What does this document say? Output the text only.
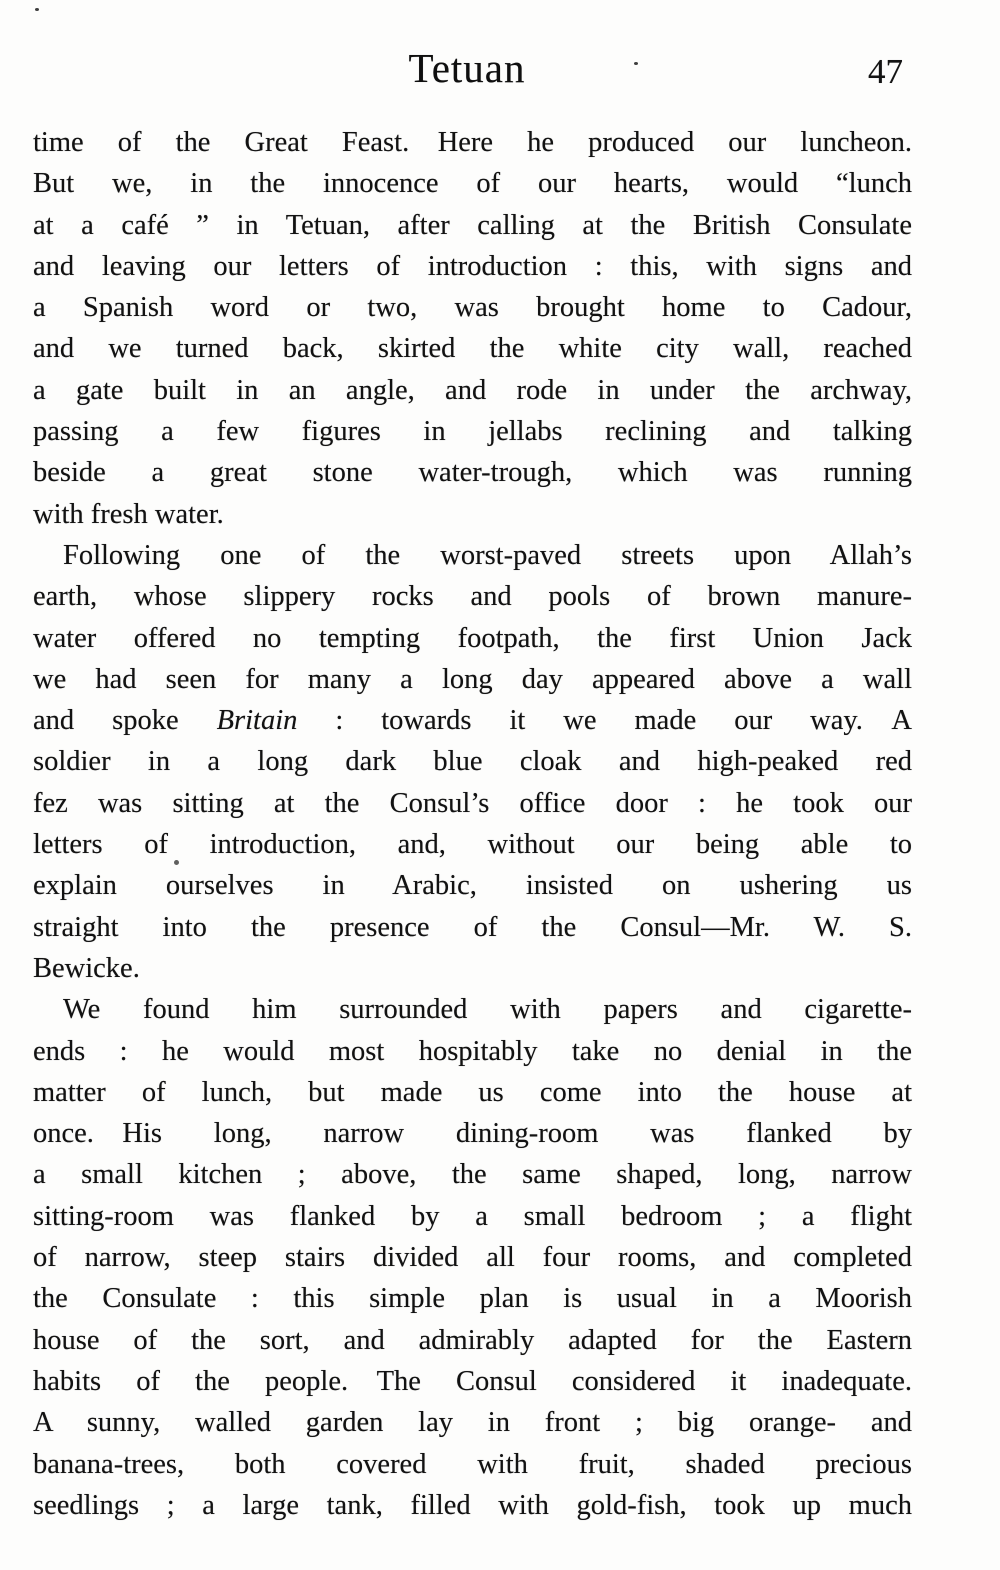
Tetuan	47
time of the Great Feast. Here he produced our luncheon.
But we, in the innocence of our hearts, would “lunch
at a café ” in Tetuan, after calling at the British Consulate
and leaving our letters of introduction : this, with signs and
a Spanish word or two, was brought home to Cadour,
and we turned back, skirted the white city wall, reached
a gate built in an angle, and rode in under the archway,
passing a few figures in jellabs reclining and talking
beside a great stone water-trough, which was running
with fresh water.
Following one of the worst-paved streets upon Allah’s
earth, whose slippery rocks and pools of brown manure-
water offered no tempting footpath, the first Union Jack
we had seen for many a long day appeared above a wall
and spoke Britain : towards it we made our way. A
soldier in a long dark blue cloak and high-peaked red
fez was sitting at the Consul’s office door : he took our
letters of introduction, and, without our being able to
explain ourselves in Arabic, insisted on ushering us
straight into the presence of the Consul—Mr. W. S.
Bewicke.
We found him surrounded with papers and cigarette-
ends : he would most hospitably take no denial in the
matter of lunch, but made us come into the house at
once. His long, narrow dining-room was flanked by
a small kitchen ; above, the same shaped, long, narrow
sitting-room was flanked by a small bedroom ; a flight
of narrow, steep stairs divided all four rooms, and completed
the Consulate : this simple plan is usual in a Moorish
house of the sort, and admirably adapted for the Eastern
habits of the people. The Consul considered it inadequate.
A sunny, walled garden lay in front ; big orange- and
banana-trees, both covered with fruit, shaded precious
seedlings ; a large tank, filled with gold-fish, took up much
